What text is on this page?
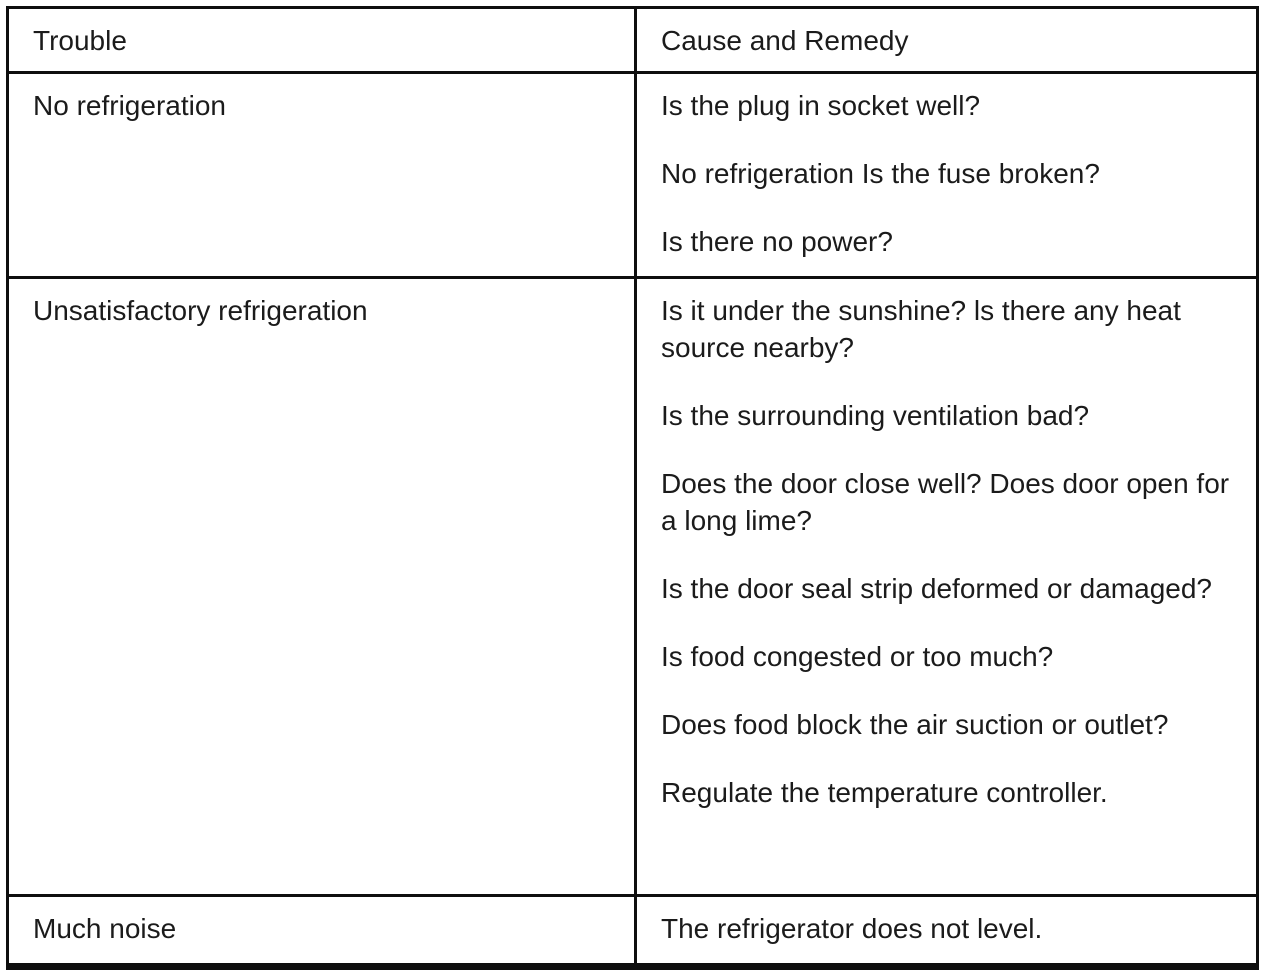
Trouble	Cause and Remedy
No refrigeration	Is the plug in socket well?

No refrigeration Is the fuse broken?

Is there no power?

Unsatisfactory refrigeration	Is it under the sunshine? ls there any heat source nearby?

Is the surrounding ventilation bad?

Does the door close well? Does door open for a long lime?

Is the door seal strip deformed or damaged?

Is food congested or too much?

Does food block the air suction or outlet?

Regulate the temperature controller.

Much noise	The refrigerator does not level.
